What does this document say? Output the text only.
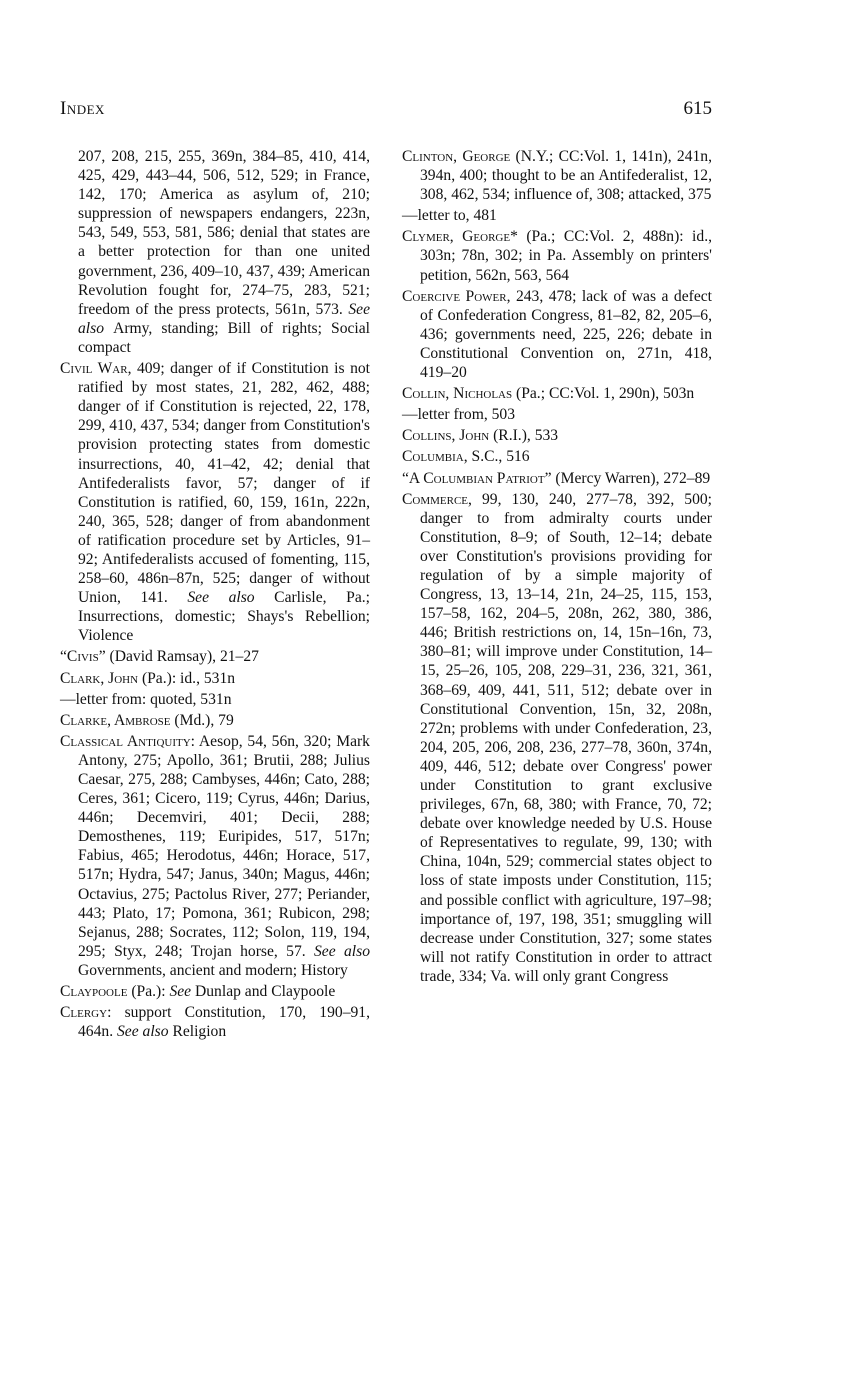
Index	615

207, 208, 215, 255, 369n, 384–85, 410, 414, 425, 429, 443–44, 506, 512, 529; in France, 142, 170; America as asylum of, 210; suppression of newspapers endangers, 223n, 543, 549, 553, 581, 586; denial that states are a better protection for than one united government, 236, 409–10, 437, 439; American Revolution fought for, 274–75, 283, 521; freedom of the press protects, 561n, 573. See also Army, standing; Bill of rights; Social compact

Civil War, 409; danger of if Constitution is not ratified by most states, 21, 282, 462, 488; danger of if Constitution is rejected, 22, 178, 299, 410, 437, 534; danger from Constitution's provision protecting states from domestic insurrections, 40, 41–42, 42; denial that Antifederalists favor, 57; danger of if Constitution is ratified, 60, 159, 161n, 222n, 240, 365, 528; danger of from abandonment of ratification procedure set by Articles, 91–92; Antifederalists accused of fomenting, 115, 258–60, 486n–87n, 525; danger of without Union, 141. See also Carlisle, Pa.; Insurrections, domestic; Shays's Rebellion; Violence

“Civis” (David Ramsay), 21–27

Clark, John (Pa.): id., 531n

—letter from: quoted, 531n

Clarke, Ambrose (Md.), 79

Classical Antiquity: Aesop, 54, 56n, 320; Mark Antony, 275; Apollo, 361; Brutii, 288; Julius Caesar, 275, 288; Cambyses, 446n; Cato, 288; Ceres, 361; Cicero, 119; Cyrus, 446n; Darius, 446n; Decemviri, 401; Decii, 288; Demosthenes, 119; Euripides, 517, 517n; Fabius, 465; Herodotus, 446n; Horace, 517, 517n; Hydra, 547; Janus, 340n; Magus, 446n; Octavius, 275; Pactolus River, 277; Periander, 443; Plato, 17; Pomona, 361; Rubicon, 298; Sejanus, 288; Socrates, 112; Solon, 119, 194, 295; Styx, 248; Trojan horse, 57. See also Governments, ancient and modern; History

Claypoole (Pa.): See Dunlap and Claypoole

Clergy: support Constitution, 170, 190–91, 464n. See also Religion

Clinton, George (N.Y.; CC:Vol. 1, 141n), 241n, 394n, 400; thought to be an Antifederalist, 12, 308, 462, 534; influence of, 308; attacked, 375

—letter to, 481

Clymer, George* (Pa.; CC:Vol. 2, 488n): id., 303n; 78n, 302; in Pa. Assembly on printers' petition, 562n, 563, 564

Coercive Power, 243, 478; lack of was a defect of Confederation Congress, 81–82, 82, 205–6, 436; governments need, 225, 226; debate in Constitutional Convention on, 271n, 418, 419–20

Collin, Nicholas (Pa.; CC:Vol. 1, 290n), 503n

—letter from, 503

Collins, John (R.I.), 533

Columbia, S.C., 516

“A Columbian Patriot” (Mercy Warren), 272–89

Commerce, 99, 130, 240, 277–78, 392, 500; danger to from admiralty courts under Constitution, 8–9; of South, 12–14; debate over Constitution's provisions providing for regulation of by a simple majority of Congress, 13, 13–14, 21n, 24–25, 115, 153, 157–58, 162, 204–5, 208n, 262, 380, 386, 446; British restrictions on, 14, 15n–16n, 73, 380–81; will improve under Constitution, 14–15, 25–26, 105, 208, 229–31, 236, 321, 361, 368–69, 409, 441, 511, 512; debate over in Constitutional Convention, 15n, 32, 208n, 272n; problems with under Confederation, 23, 204, 205, 206, 208, 236, 277–78, 360n, 374n, 409, 446, 512; debate over Congress' power under Constitution to grant exclusive privileges, 67n, 68, 380; with France, 70, 72; debate over knowledge needed by U.S. House of Representatives to regulate, 99, 130; with China, 104n, 529; commercial states object to loss of state imposts under Constitution, 115; and possible conflict with agriculture, 197–98; importance of, 197, 198, 351; smuggling will decrease under Constitution, 327; some states will not ratify Constitution in order to attract trade, 334; Va. will only grant Congress
